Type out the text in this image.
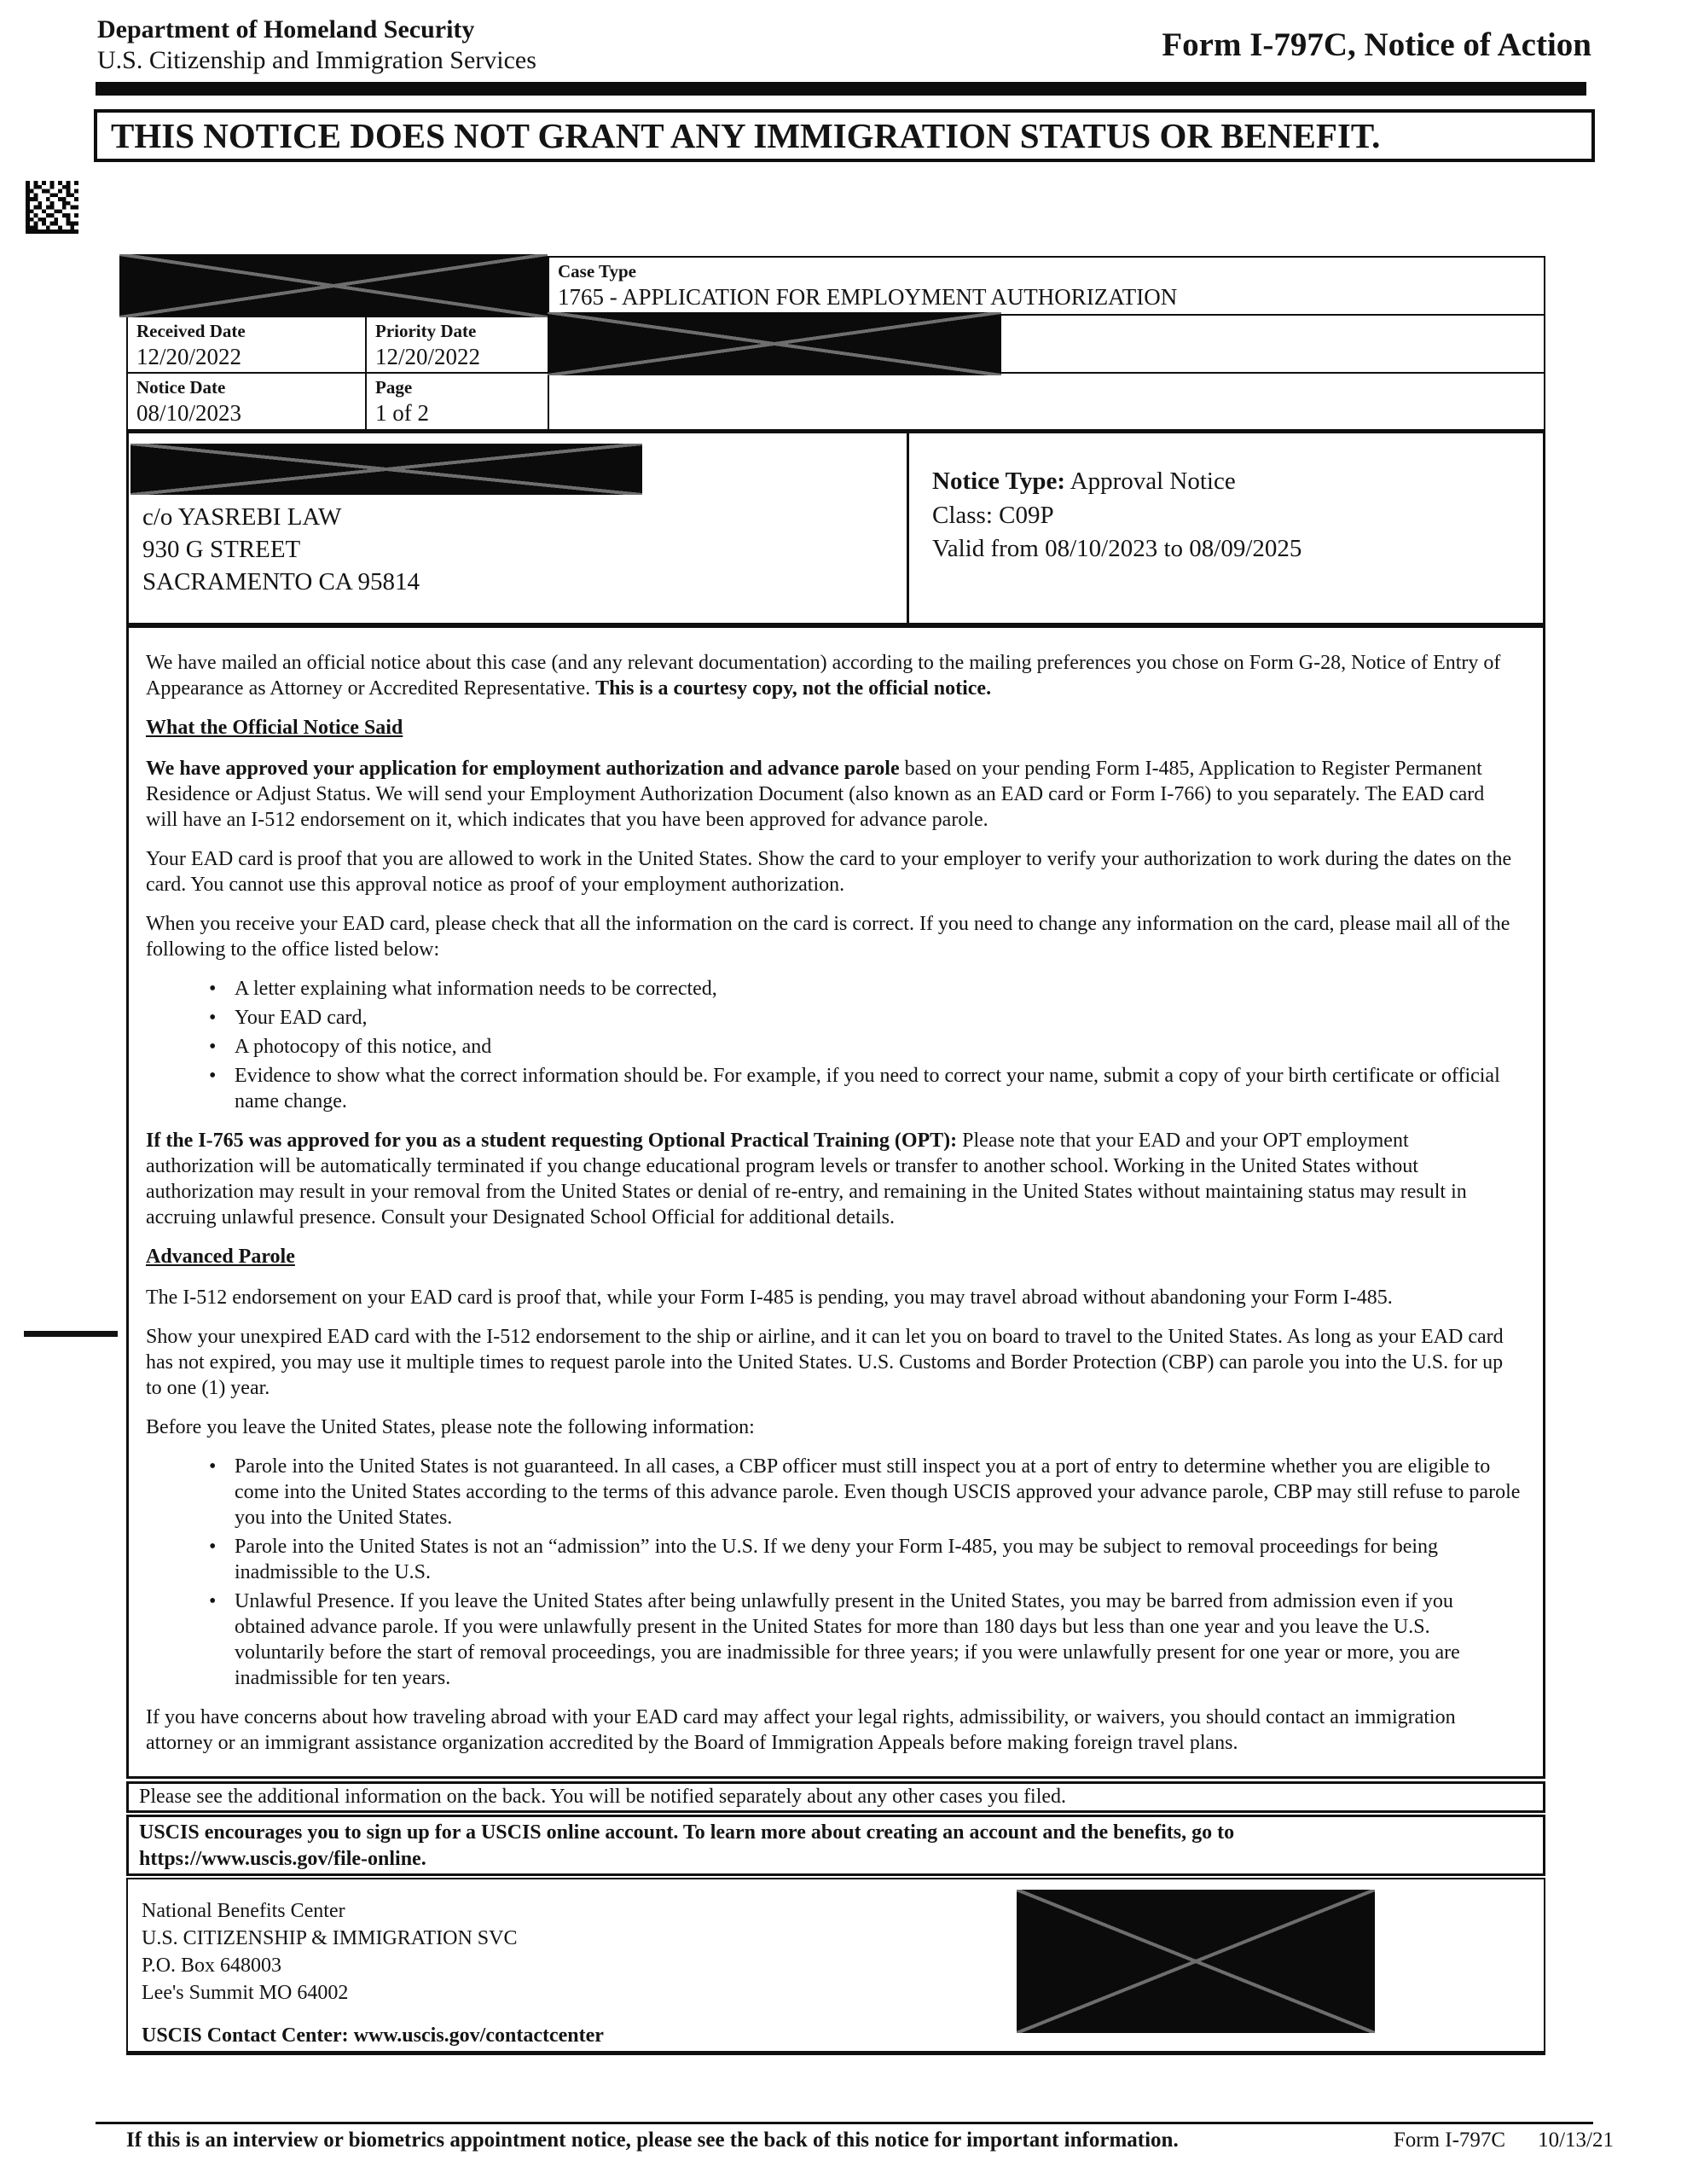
Department of Homeland Security
U.S. Citizenship and Immigration Services	Form I-797C, Notice of Action
THIS NOTICE DOES NOT GRANT ANY IMMIGRATION STATUS OR BENEFIT.
Case Type
1765 - APPLICATION FOR EMPLOYMENT AUTHORIZATION
Received Date
12/20/2022
Priority Date
12/20/2022
Notice Date
08/10/2023
Page
1 of 2
c/o YASREBI LAW
930 G STREET
SACRAMENTO CA 95814
Notice Type: Approval Notice
Class: C09P
Valid from 08/10/2023 to 08/09/2025

We have mailed an official notice about this case (and any relevant documentation) according to the mailing preferences you chose on Form G-28, Notice of Entry of Appearance as Attorney or Accredited Representative. This is a courtesy copy, not the official notice.

What the Official Notice Said

We have approved your application for employment authorization and advance parole based on your pending Form I-485, Application to Register Permanent Residence or Adjust Status. We will send your Employment Authorization Document (also known as an EAD card or Form I-766) to you separately. The EAD card will have an I-512 endorsement on it, which indicates that you have been approved for advance parole.

Your EAD card is proof that you are allowed to work in the United States. Show the card to your employer to verify your authorization to work during the dates on the card. You cannot use this approval notice as proof of your employment authorization.

When you receive your EAD card, please check that all the information on the card is correct. If you need to change any information on the card, please mail all of the following to the office listed below:

• A letter explaining what information needs to be corrected,
• Your EAD card,
• A photocopy of this notice, and
• Evidence to show what the correct information should be. For example, if you need to correct your name, submit a copy of your birth certificate or official name change.

If the I-765 was approved for you as a student requesting Optional Practical Training (OPT): Please note that your EAD and your OPT employment authorization will be automatically terminated if you change educational program levels or transfer to another school. Working in the United States without authorization may result in your removal from the United States or denial of re-entry, and remaining in the United States without maintaining status may result in accruing unlawful presence. Consult your Designated School Official for additional details.

Advanced Parole

The I-512 endorsement on your EAD card is proof that, while your Form I-485 is pending, you may travel abroad without abandoning your Form I-485.

Show your unexpired EAD card with the I-512 endorsement to the ship or airline, and it can let you on board to travel to the United States. As long as your EAD card has not expired, you may use it multiple times to request parole into the United States. U.S. Customs and Border Protection (CBP) can parole you into the U.S. for up to one (1) year.

Before you leave the United States, please note the following information:

• Parole into the United States is not guaranteed. In all cases, a CBP officer must still inspect you at a port of entry to determine whether you are eligible to come into the United States according to the terms of this advance parole. Even though USCIS approved your advance parole, CBP may still refuse to parole you into the United States.
• Parole into the United States is not an “admission” into the U.S. If we deny your Form I-485, you may be subject to removal proceedings for being inadmissible to the U.S.
• Unlawful Presence. If you leave the United States after being unlawfully present in the United States, you may be barred from admission even if you obtained advance parole. If you were unlawfully present in the United States for more than 180 days but less than one year and you leave the U.S. voluntarily before the start of removal proceedings, you are inadmissible for three years; if you were unlawfully present for one year or more, you are inadmissible for ten years.

If you have concerns about how traveling abroad with your EAD card may affect your legal rights, admissibility, or waivers, you should contact an immigration attorney or an immigrant assistance organization accredited by the Board of Immigration Appeals before making foreign travel plans.

Please see the additional information on the back. You will be notified separately about any other cases you filed.
USCIS encourages you to sign up for a USCIS online account. To learn more about creating an account and the benefits, go to https://www.uscis.gov/file-online.
National Benefits Center
U.S. CITIZENSHIP & IMMIGRATION SVC
P.O. Box 648003
Lee's Summit MO 64002
USCIS Contact Center: www.uscis.gov/contactcenter
If this is an interview or biometrics appointment notice, please see the back of this notice for important information.	Form I-797C 10/13/21
